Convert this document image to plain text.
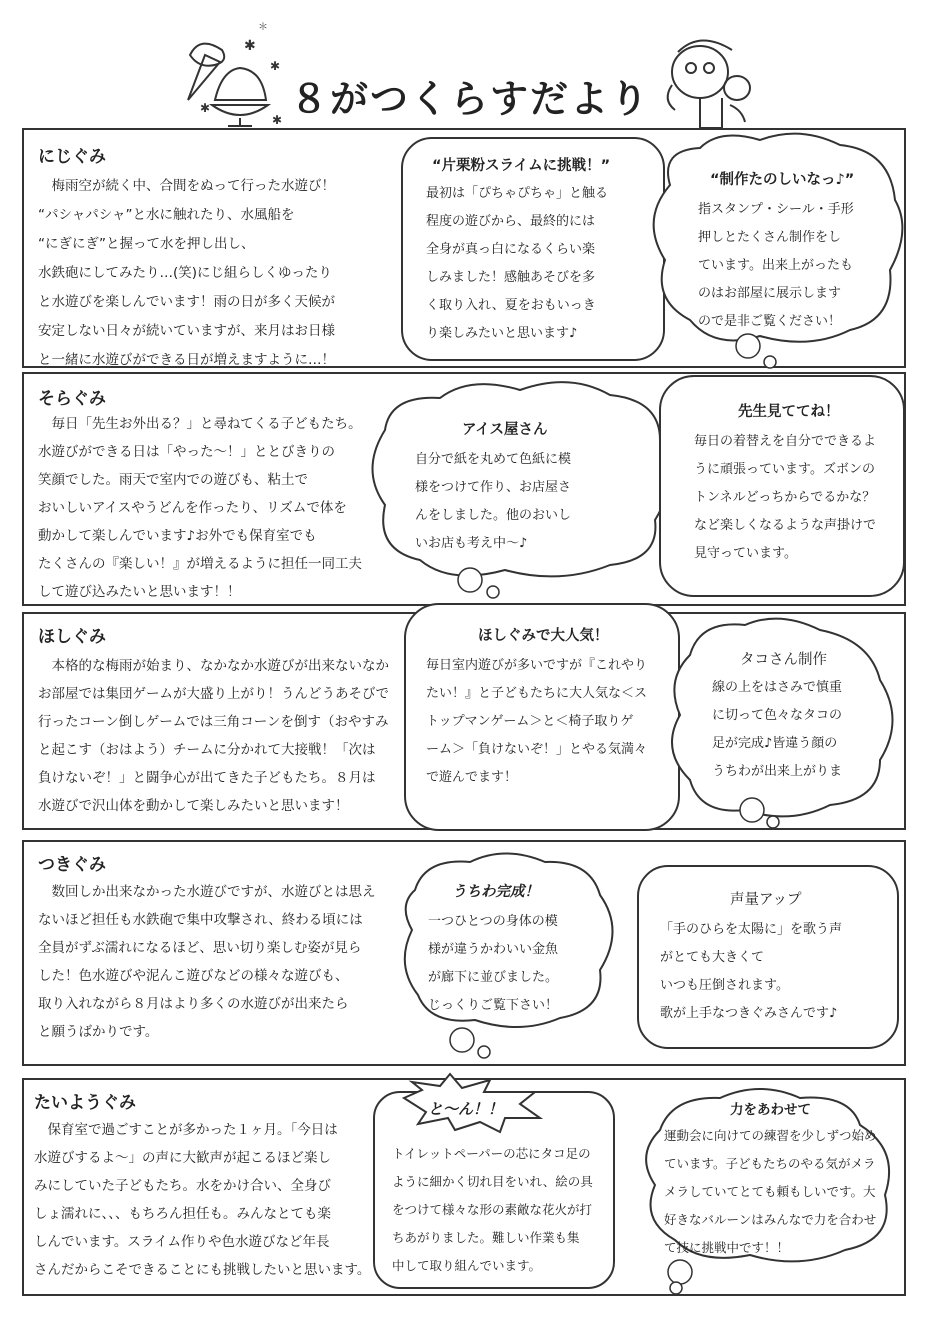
✱
✱
✱
✱
＊
８がつくらすだより
にじぐみ
　梅雨空が続く中、合間をぬって行った水遊び！
“パシャパシャ”と水に触れたり、水風船を
“にぎにぎ”と握って水を押し出し、
水鉄砲にしてみたり…(笑)にじ組らしくゆったり
と水遊びを楽しんでいます！雨の日が多く天候が
安定しない日々が続いていますが、来月はお日様
と一緒に水遊びができる日が増えますように…！
“片栗粉スライムに挑戦！”
最初は「ぴちゃぴちゃ」と触る
程度の遊びから、最終的には
全身が真っ白になるくらい楽
しみました！感触あそびを多
く取り入れ、夏をおもいっき
り楽しみたいと思います♪
“制作たのしいなっ♪”
指スタンプ・シール・手形
押しとたくさん制作をし
ています。出来上がったも
のはお部屋に展示します
ので是非ご覧ください！
そらぐみ
　毎日「先生お外出る？」と尋ねてくる子どもたち。
水遊びができる日は「やった～！」ととびきりの
笑顔でした。雨天で室内での遊びも、粘土で
おいしいアイスやうどんを作ったり、リズムで体を
動かして楽しんでいます♪お外でも保育室でも
たくさんの『楽しい！』が増えるように担任一同工夫
して遊び込みたいと思います！！
アイス屋さん
自分で紙を丸めて色紙に模
様をつけて作り、お店屋さ
んをしました。他のおいし
いお店も考え中～♪
先生見ててね！
毎日の着替えを自分でできるよ
うに頑張っています。ズボンの
トンネルどっちからでるかな？
など楽しくなるような声掛けで
見守っています。
ほしぐみ
　本格的な梅雨が始まり、なかなか水遊びが出来ないなか
お部屋では集団ゲームが大盛り上がり！うんどうあそびで
行ったコーン倒しゲームでは三角コーンを倒す（おやすみ
と起こす（おはよう）チームに分かれて大接戦！「次は
負けないぞ！」と闘争心が出てきた子どもたち。８月は
水遊びで沢山体を動かして楽しみたいと思います！
ほしぐみで大人気！
毎日室内遊びが多いですが『これやり
たい！』と子どもたちに大人気な＜ス
トップマンゲーム＞と＜椅子取りゲ
ーム＞「負けないぞ！」とやる気満々
で遊んでます！
タコさん制作
線の上をはさみで慎重
に切って色々なタコの
足が完成♪皆違う顔の
うちわが出来上がりま
つきぐみ
　数回しか出来なかった水遊びですが、水遊びとは思え
ないほど担任も水鉄砲で集中攻撃され、終わる頃には
全員がずぶ濡れになるほど、思い切り楽しむ姿が見ら
した！色水遊びや泥んこ遊びなどの様々な遊びも、
取り入れながら８月はより多くの水遊びが出来たら
と願うばかりです。
うちわ完成！
一つひとつの身体の模
様が違うかわいい金魚
が廊下に並びました。
じっくりご覧下さい！
声量アップ
「手のひらを太陽に」を歌う声
がとても大きくて
いつも圧倒されます。
歌が上手なつきぐみさんです♪
たいようぐみ
　保育室で過ごすことが多かった１ヶ月。「今日は
水遊びするよ～」の声に大歓声が起こるほど楽し
みにしていた子どもたち。水をかけ合い、全身び
しょ濡れに、、、もちろん担任も。みんなとても楽
しんでいます。スライム作りや色水遊びなど年長
さんだからこそできることにも挑戦したいと思います。
と～ん！！
トイレットペーパーの芯にタコ足の
ように細かく切れ目をいれ、絵の具
をつけて様々な形の素敵な花火が打
ちあがりました。難しい作業も集
中して取り組んでいます。
力をあわせて
運動会に向けての練習を少しずつ始め
ています。子どもたちのやる気がメラ
メラしていてとても頼もしいです。大
好きなバルーンはみんなで力を合わせ
て技に挑戦中です！！
